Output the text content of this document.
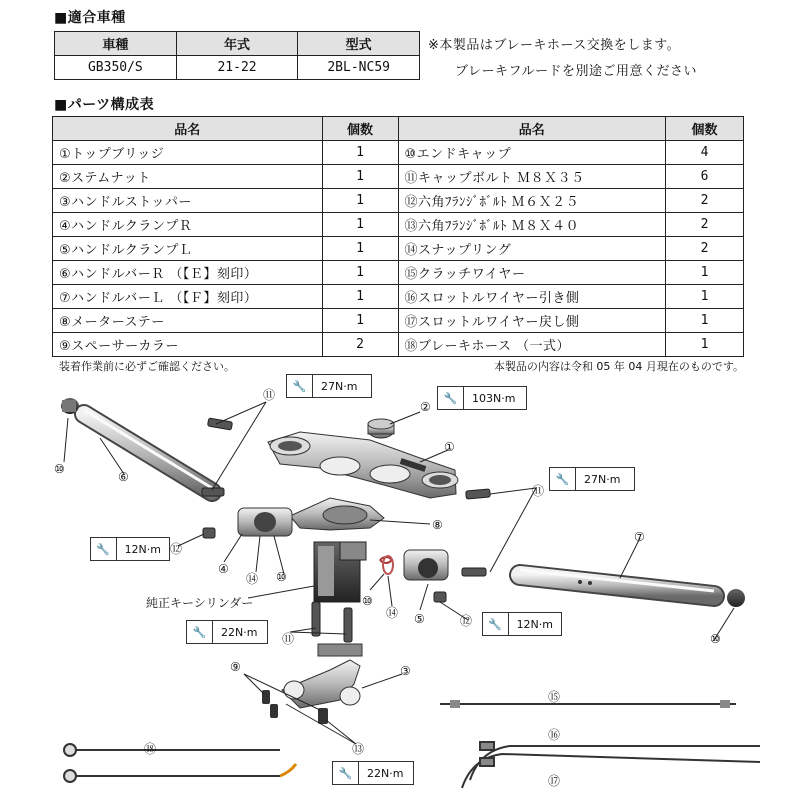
■適合車種
車種	年式	型式
GB350/S	21-22	2BL-NC59
※本製品はブレーキホース交換をします。
ブレーキフルードを別途ご用意ください
■パーツ構成表
品名	個数	品名	個数
①トップブリッジ	1	⑩エンドキャップ	4
②ステムナット	1	⑪キャップボルト Ｍ８Ｘ３５	6
③ハンドルストッパー	1	⑫六角ﾌﾗﾝｼﾞﾎﾞﾙﾄ Ｍ６Ｘ２５	2
④ハンドルクランプＲ	1	⑬六角ﾌﾗﾝｼﾞﾎﾞﾙﾄ Ｍ８Ｘ４０	2
⑤ハンドルクランプＬ	1	⑭スナップリング	2
⑥ハンドルバーＲ （【Ｅ】刻印）	1	⑮クラッチワイヤー	1
⑦ハンドルバーＬ （【Ｆ】刻印）	1	⑯スロットルワイヤー引き側	1
⑧メーターステー	1	⑰スロットルワイヤー戻し側	1
⑨スペーサーカラー	2	⑱ブレーキホース （一式）	1
装着作業前に必ずご確認ください。	本製品の内容は令和 05 年 04 月現在のものです。
🔧	27N·m
🔧	103N·m
🔧	27N·m
🔧	12N·m
🔧	22N·m
🔧	12N·m
🔧	22N·m
純正キーシリンダー
⑪
②
①
⑪
⑥
⑩
⑧
⑦
⑫
④
⑭ ⑩
⑩
⑭ ⑤	⑫
⑩
⑪
⑨	③
⑬
⑮
⑯
⑰
⑱
